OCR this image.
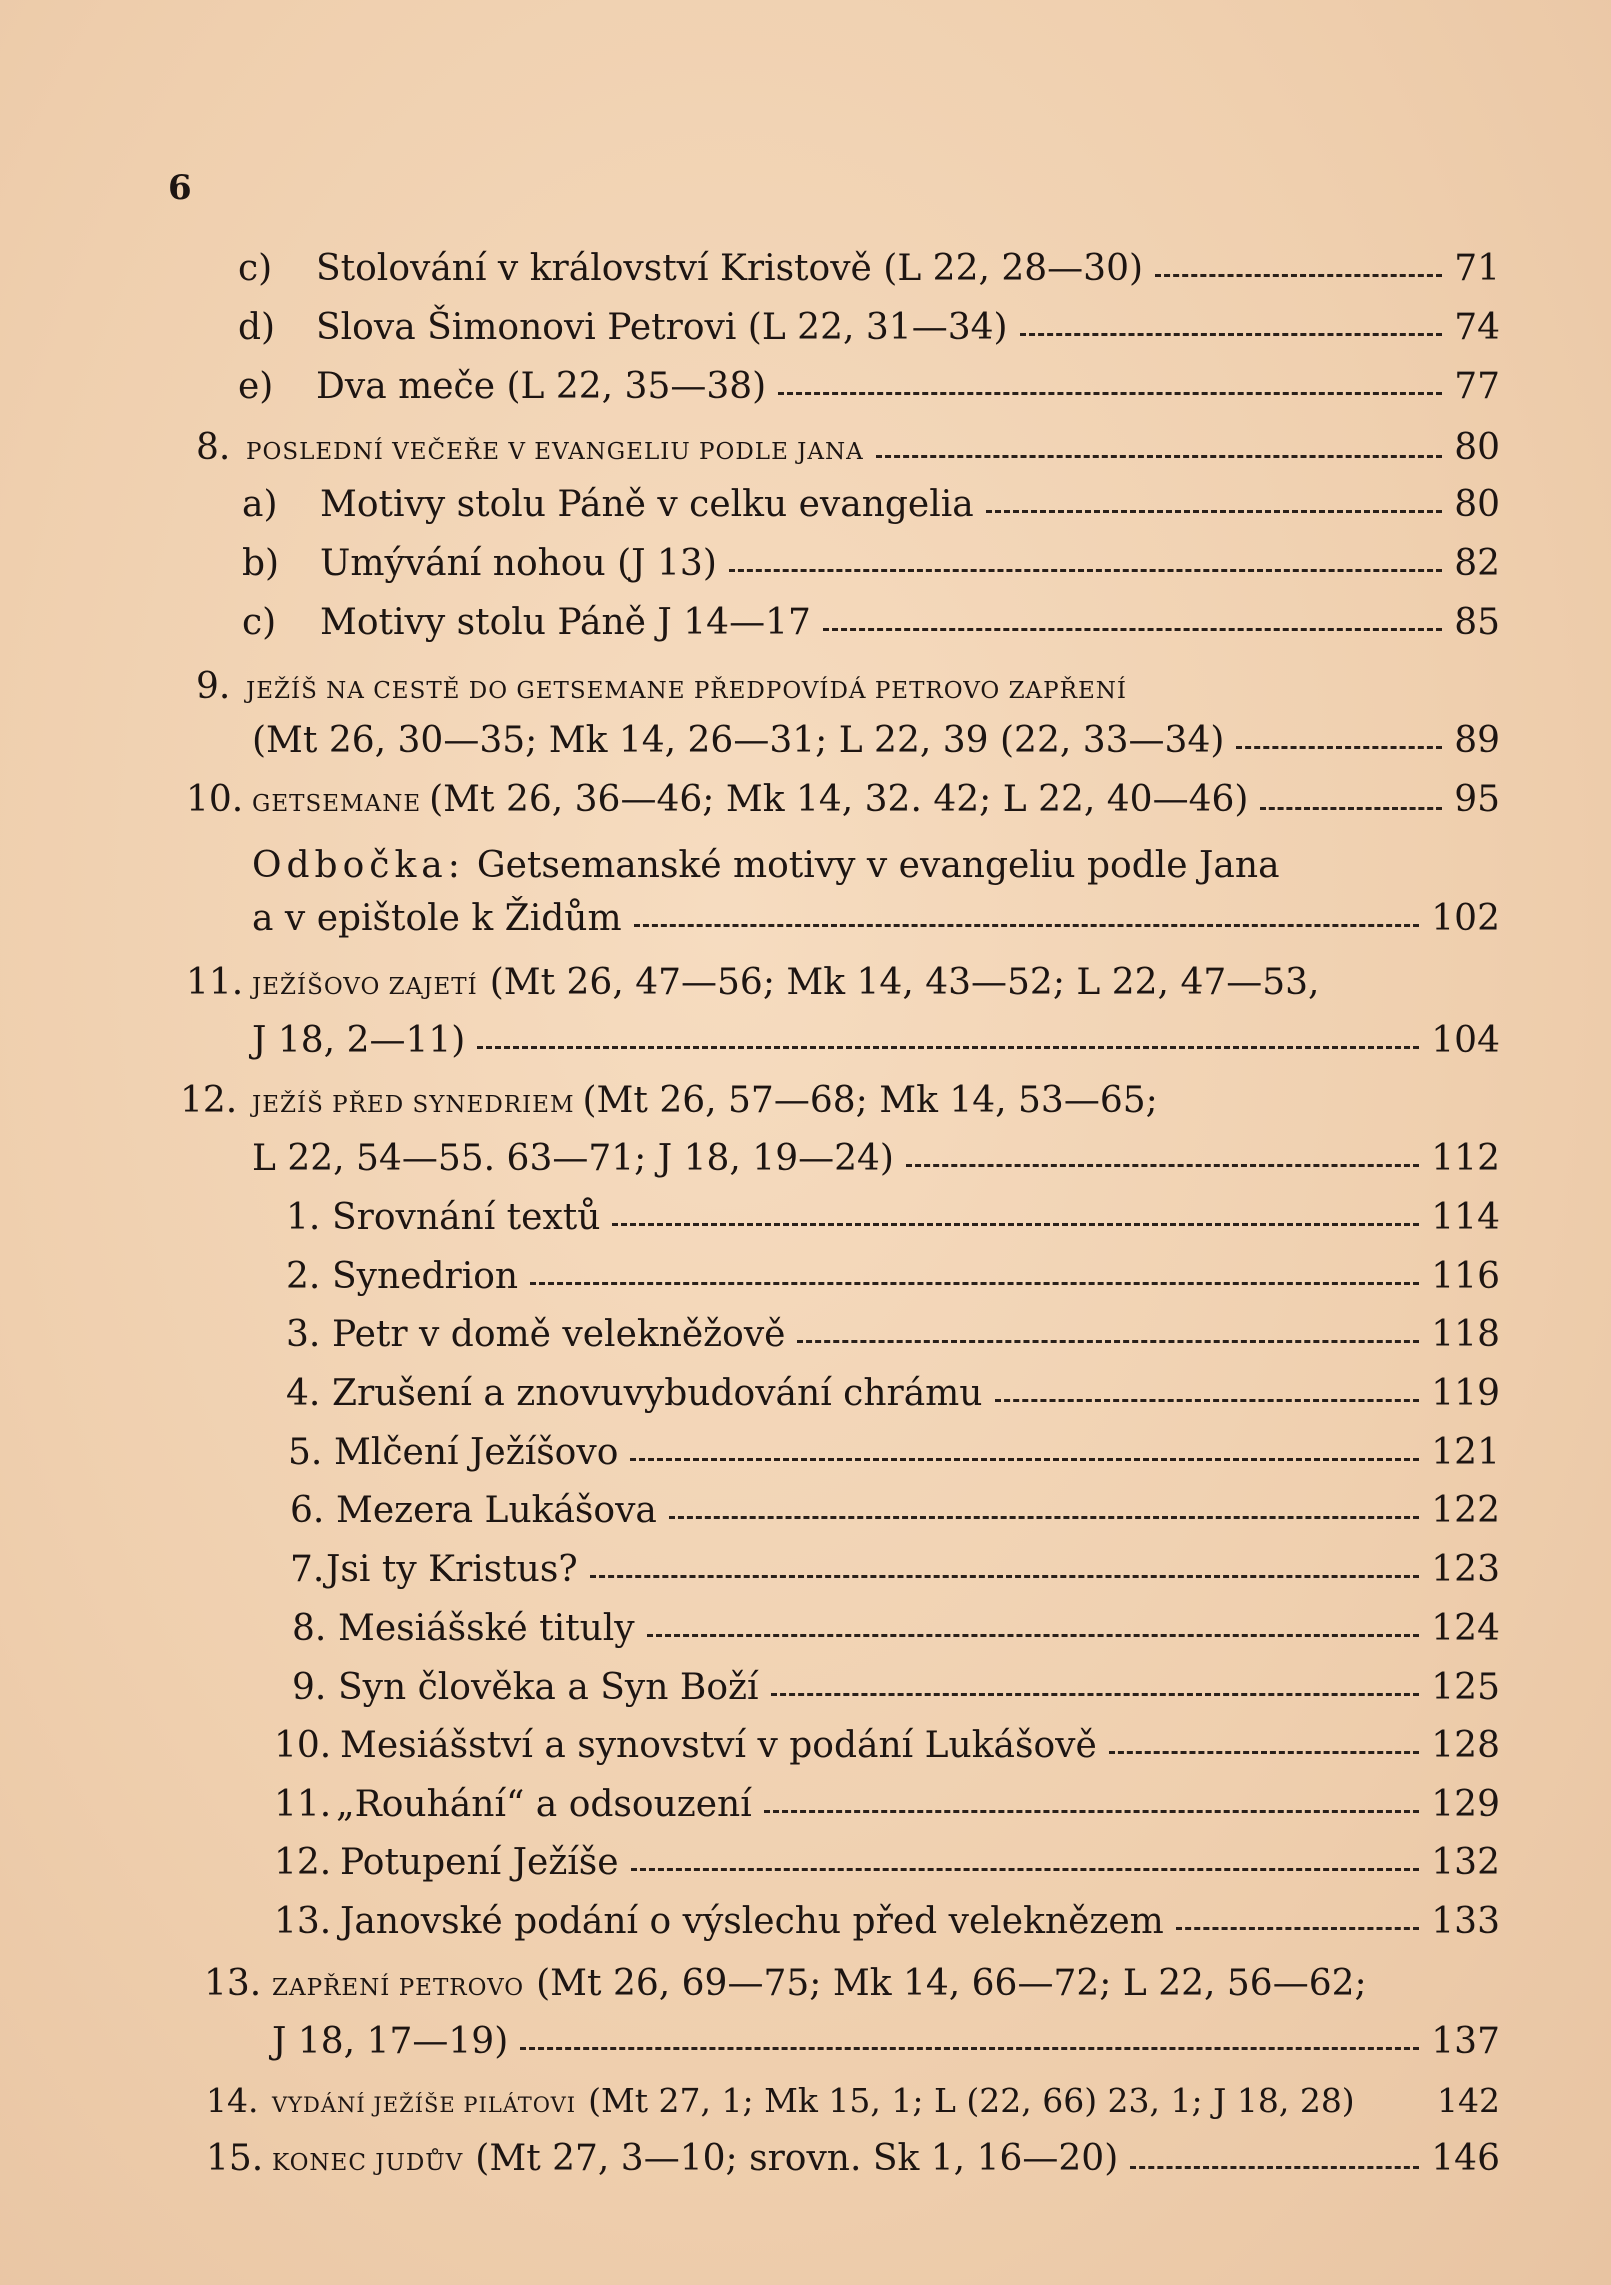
6
c)	Stolování v království Kristově (L 22, 28—30)	71
d)	Slova Šimonovi Petrovi (L 22, 31—34)	74
e)	Dva meče (L 22, 35—38)	77
8. POSLEDNÍ VEČEŘE V EVANGELIU PODLE JANA	80
a)	Motivy stolu Páně v celku evangelia	80
b)	Umývání nohou (J 13)	82
c)	Motivy stolu Páně J 14—17	85
9. JEŽÍŠ NA CESTĚ DO GETSEMANE PŘEDPOVÍDÁ PETROVO ZAPŘENÍ
(Mt 26, 30—35; Mk 14, 26—31; L 22, 39 (22, 33—34)	89
10. GETSEMANE (Mt 26, 36—46; Mk 14, 32. 42; L 22, 40—46)	95
Odbočka: Getsemanské motivy v evangeliu podle Jana
a v epištole k Židům	102
11. JEŽÍŠOVO ZAJETÍ (Mt 26, 47—56; Mk 14, 43—52; L 22, 47—53,
J 18, 2—11)	104
12. JEŽÍŠ PŘED SYNEDRIEM (Mt 26, 57—68; Mk 14, 53—65;
L 22, 54—55. 63—71; J 18, 19—24)	112
1. Srovnání textů	114
2. Synedrion	116
3. Petr v domě velekněžově	118
4. Zrušení a znovuvybudování chrámu	119
5. Mlčení Ježíšovo	121
6. Mezera Lukášova	122
7. Jsi ty Kristus?	123
8. Mesiášské tituly	124
9. Syn člověka a Syn Boží	125
10. Mesiášství a synovství v podání Lukášově	128
11. „Rouhání“ a odsouzení	129
12. Potupení Ježíše	132
13. Janovské podání o výslechu před veleknězem	133
13. ZAPŘENÍ PETROVO (Mt 26, 69—75; Mk 14, 66—72; L 22, 56—62;
J 18, 17—19)	137
14. VYDÁNÍ JEŽÍŠE PILÁTOVI (Mt 27, 1; Mk 15, 1; L (22, 66) 23, 1; J 18, 28) 142
15. KONEC JUDŮV (Mt 27, 3—10; srovn. Sk 1, 16—20)	146
